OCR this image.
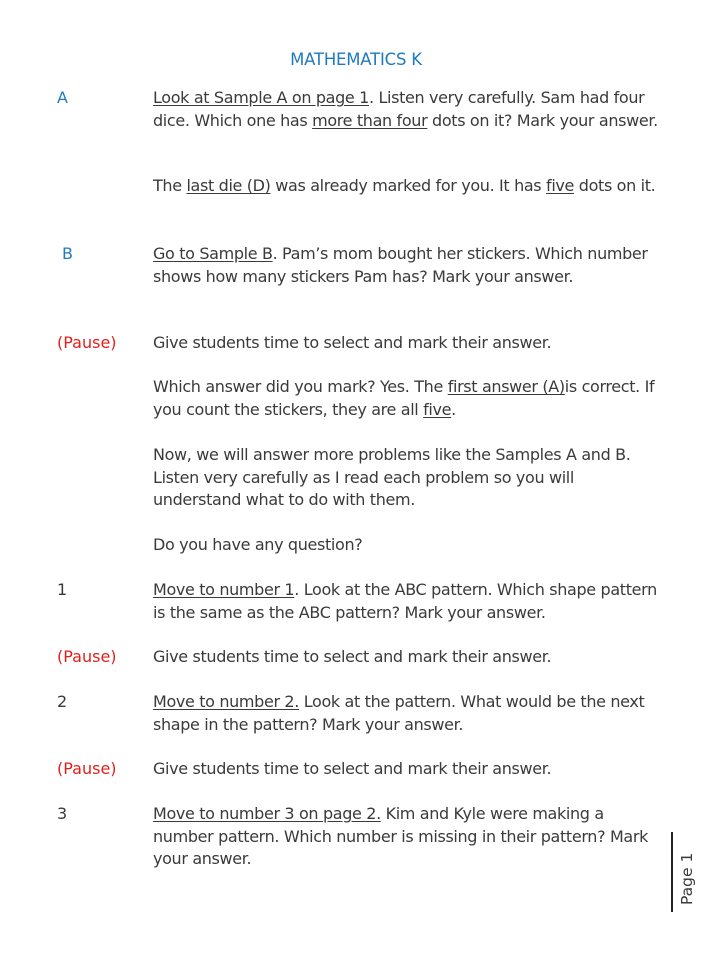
MATHEMATICS K
A	Look at Sample A on page 1. Listen very carefully. Sam had four dice. Which one has more than four dots on it? Mark your answer.
The last die (D) was already marked for you. It has five dots on it.
B	Go to Sample B. Pam’s mom bought her stickers. Which number shows how many stickers Pam has? Mark your answer.
(Pause) Give students time to select and mark their answer.
Which answer did you mark? Yes. The first answer (A)is correct. If you count the stickers, they are all five.
Now, we will answer more problems like the Samples A and B. Listen very carefully as I read each problem so you will understand what to do with them.
Do you have any question?
1	Move to number 1. Look at the ABC pattern. Which shape pattern is the same as the ABC pattern? Mark your answer.
(Pause) Give students time to select and mark their answer.
2	Move to number 2. Look at the pattern. What would be the next shape in the pattern? Mark your answer.
(Pause) Give students time to select and mark their answer.
3	Move to number 3 on page 2. Kim and Kyle were making a number pattern. Which number is missing in their pattern? Mark your answer.	Page 1
